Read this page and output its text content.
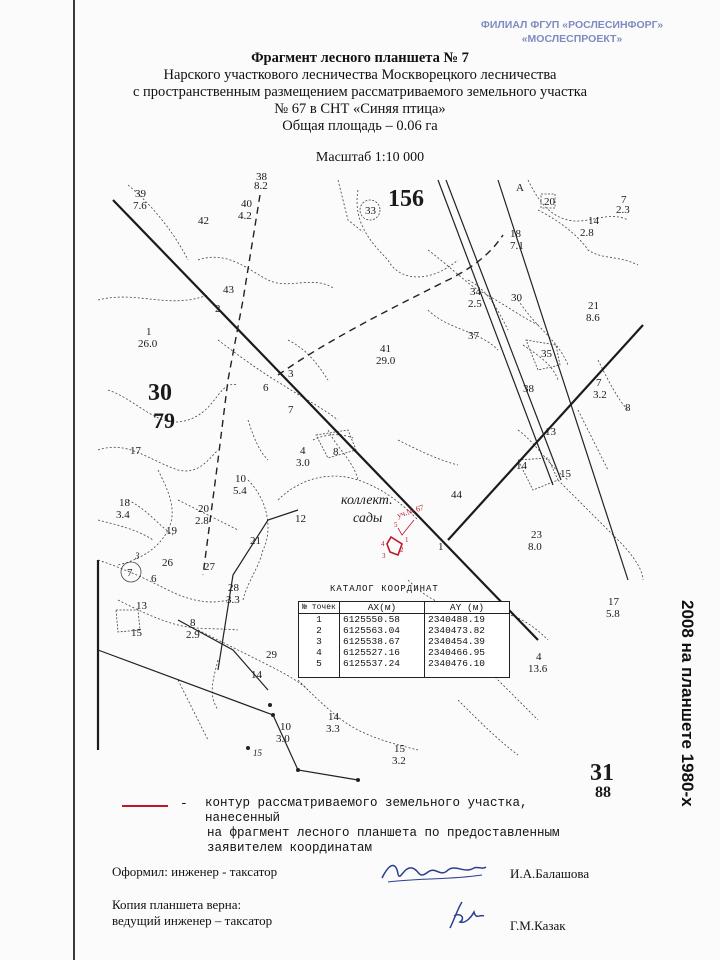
ФИЛИАЛ ФГУП «РОСЛЕСИНФОРГ»
«МОСЛЕСПРОЕКТ»
Фрагмент лесного планшета № 7
Нарского участкового лесничества Москворецкого лесничества
с пространственным размещением рассматриваемого земельного участка
№ 67 в СНТ «Синяя птица»
Общая площадь – 0.06 га
Масштаб 1:10 000
156
30
79
31
88
коллект.
сады уч.№ 67
1
2
3
4
5
39
7.6	40
4.2
42
43
2
1
26.0
33
18
7.1
14
2.8
34
2.5	30
21
8.6
37
35
41
29.0
38	7
3.2
8
13
3
6
7
17	4
3.0
8
14
15
10
5.4	44
18
3.4	20
2.8	12
19
21	23
8.0
1
7
26	27
6
28
3.3
13
8
2.9
15
17
5.8
29
14
4
13.6
10
3.0
14
3.3
15
3.2
20	7
2.3
38
8.2	A
15
3
КАТАЛОГ КООРДИНАТ
№ точек	АХ(м)	АY (м)
1	6125550.58	2340488.19
2	6125563.04	2340473.82
3	6125538.67	2340454.39
4	6125527.16	2340466.95
5	6125537.24	2340476.10	2008 на планшете 1980-х
- контур рассматриваемого земельного участка, нанесенный
на фрагмент лесного планшета по предоставленным
заявителем координатам
Оформил: инженер - таксатор	И.А.Балашова
Копия планшета верна:
ведущий инженер – таксатор	Г.М.Казак
